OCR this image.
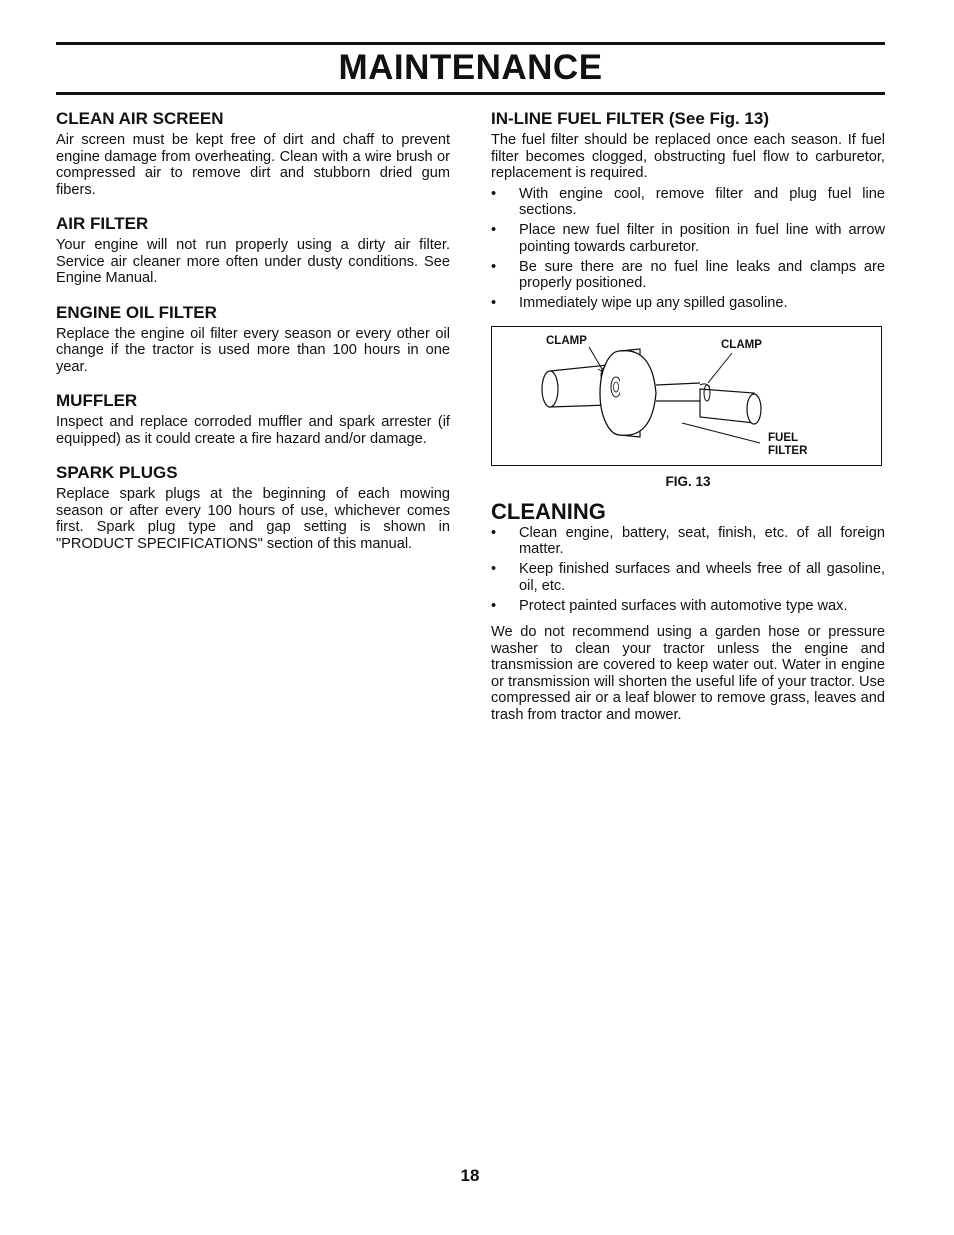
MAINTENANCE
CLEAN AIR SCREEN

Air screen must be kept free of dirt and chaff to prevent engine damage from overheating. Clean with a wire brush or compressed air to remove dirt and stubborn dried gum fibers.

AIR FILTER

Your engine will not run properly using a dirty air filter. Service air cleaner more often under dusty conditions. See Engine Manual.

ENGINE OIL FILTER

Replace the engine oil filter every season or every other oil change if the tractor is used more than 100 hours in one year.

MUFFLER

Inspect and replace corroded muffler and spark arrester (if equipped) as it could create a fire hazard and/or damage.

SPARK PLUGS

Replace spark plugs at the beginning of each mowing season or after every 100 hours of use, whichever comes first. Spark plug type and gap setting is shown in "PRODUCT SPECIFICATIONS" section of this manual.

IN-LINE FUEL FILTER (See Fig. 13)

The fuel filter should be replaced once each season. If fuel filter becomes clogged, obstructing fuel flow to carburetor, replacement is required.

• With engine cool, remove filter and plug fuel line sections.
• Place new fuel filter in position in fuel line with arrow pointing towards carburetor.
• Be sure there are no fuel line leaks and clamps are properly positioned.
• Immediately wipe up any spilled gasoline.
CLAMP	CLAMP
FUEL
FILTER
FIG. 13
CLEANING
• Clean engine, battery, seat, finish, etc. of all foreign matter.
• Keep finished surfaces and wheels free of all gasoline, oil, etc.
• Protect painted surfaces with automotive type wax.

We do not recommend using a garden hose or pressure washer to clean your tractor unless the engine and transmission are covered to keep water out. Water in engine or transmission will shorten the useful life of your tractor. Use compressed air or a leaf blower to remove grass, leaves and trash from tractor and mower.

18
